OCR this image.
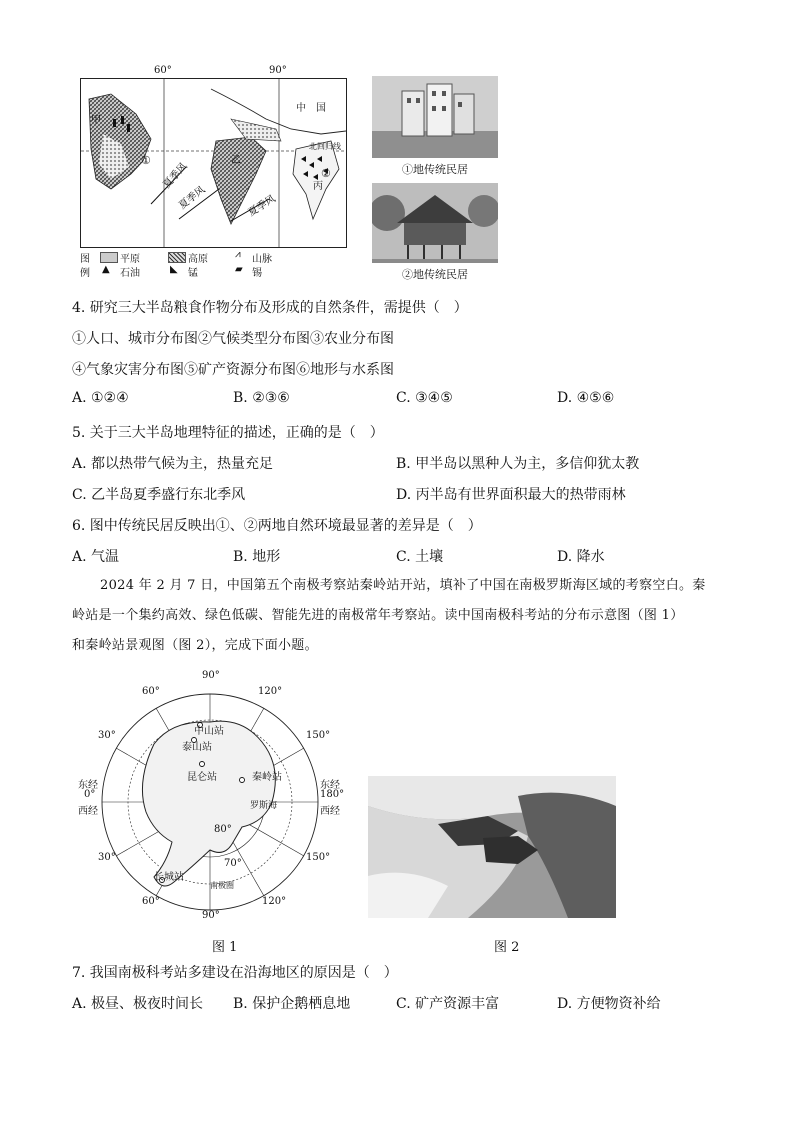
60°	90°
中　国
北回归线
甲
乙
丙
①
②
夏季风
夏季风	夏季风
图
例
平原	高原	⩘ 山脉
▲ 石油	◣ 锰	▰ 锡
①地传统民居
②地传统民居
4. 研究三大半岛粮食作物分布及形成的自然条件，需提供（　）
①人口、城市分布图②气候类型分布图③农业分布图
④气象灾害分布图⑤矿产资源分布图⑥地形与水系图
A. ①②④	B. ②③⑥	C. ③④⑤	D. ④⑤⑥
5. 关于三大半岛地理特征的描述，正确的是（　）
A. 都以热带气候为主，热量充足	B. 甲半岛以黑种人为主，多信仰犹太教
C. 乙半岛夏季盛行东北季风	D. 丙半岛有世界面积最大的热带雨林
6. 图中传统民居反映出①、②两地自然环境最显著的差异是（　）
A. 气温	B. 地形	C. 土壤	D. 降水
2024 年 2 月 7 日，中国第五个南极考察站秦岭站开站，填补了中国在南极罗斯海区域的考察空白。秦
岭站是一个集约高效、绿色低碳、智能先进的南极常年考察站。读中国南极科考站的分布示意图（图 1）
和秦岭站景观图（图 2），完成下面小题。
90°
60°	120°
30°	150°
东经
0°
西经
东经
180°
西经
30°	150°
60°
90°
120°
80°
70°
中山站
泰山站
昆仑站	秦岭站
罗斯海
长城站
南极圈
图 1	图 2
7. 我国南极科考站多建设在沿海地区的原因是（　）
A. 极昼、极夜时间长 B. 保护企鹅栖息地	C. 矿产资源丰富	D. 方便物资补给
